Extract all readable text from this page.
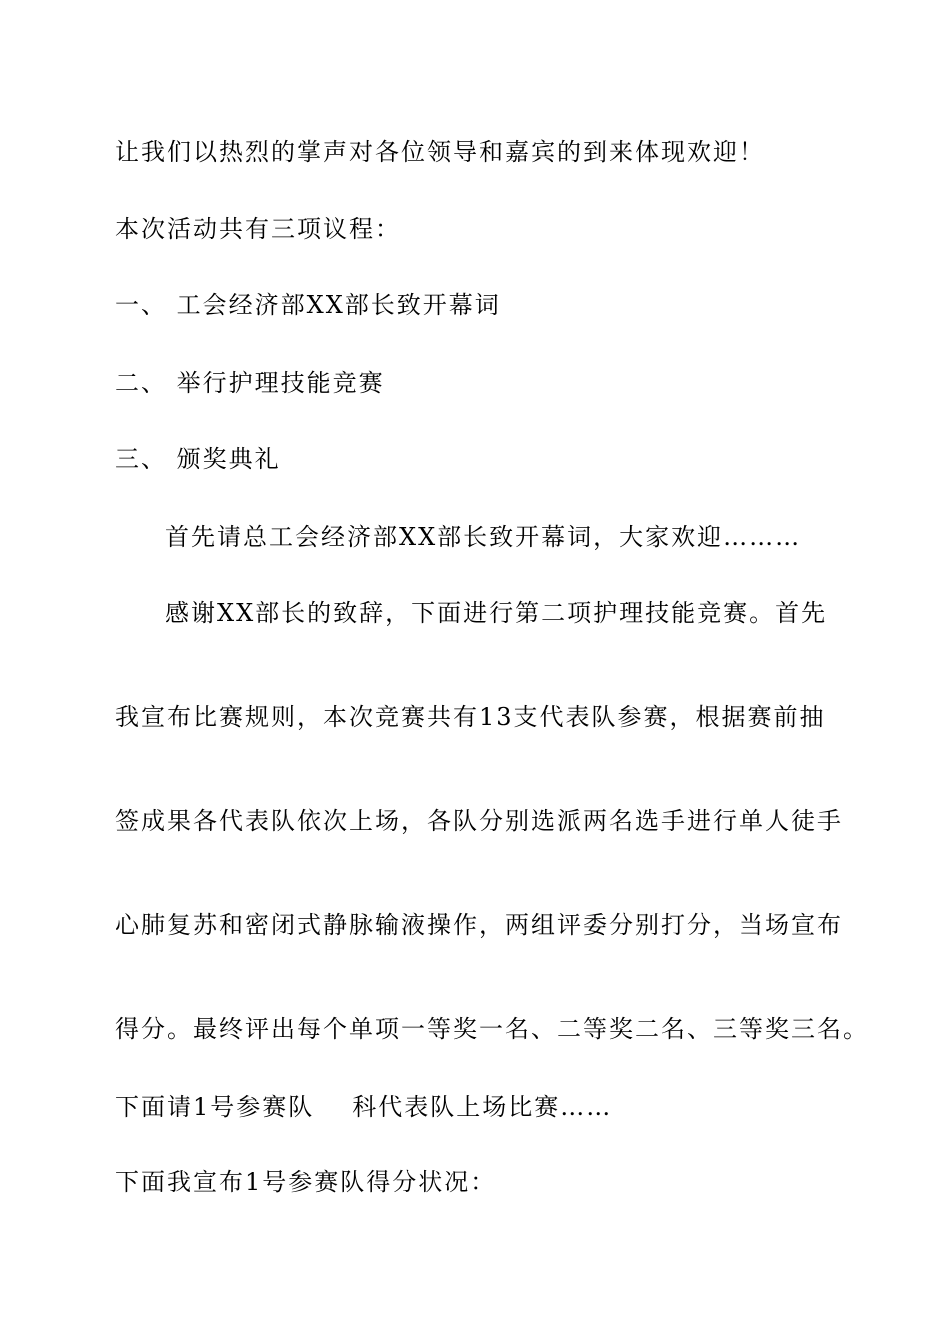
让我们以热烈的掌声对各位领导和嘉宾的到来体现欢迎！
本次活动共有三项议程：
一、 工会经济部XX部长致开幕词
二、 举行护理技能竞赛
三、 颁奖典礼
首先请总工会经济部XX部长致开幕词，大家欢迎………
感谢XX部长的致辞，下面进行第二项护理技能竞赛。首先
我宣布比赛规则，本次竞赛共有13支代表队参赛，根据赛前抽
签成果各代表队依次上场，各队分别选派两名选手进行单人徒手
心肺复苏和密闭式静脉输液操作，两组评委分别打分，当场宣布
得分。最终评出每个单项一等奖一名、二等奖二名、三等奖三名。
下面请1号参赛队 科代表队上场比赛……
下面我宣布1号参赛队得分状况：
